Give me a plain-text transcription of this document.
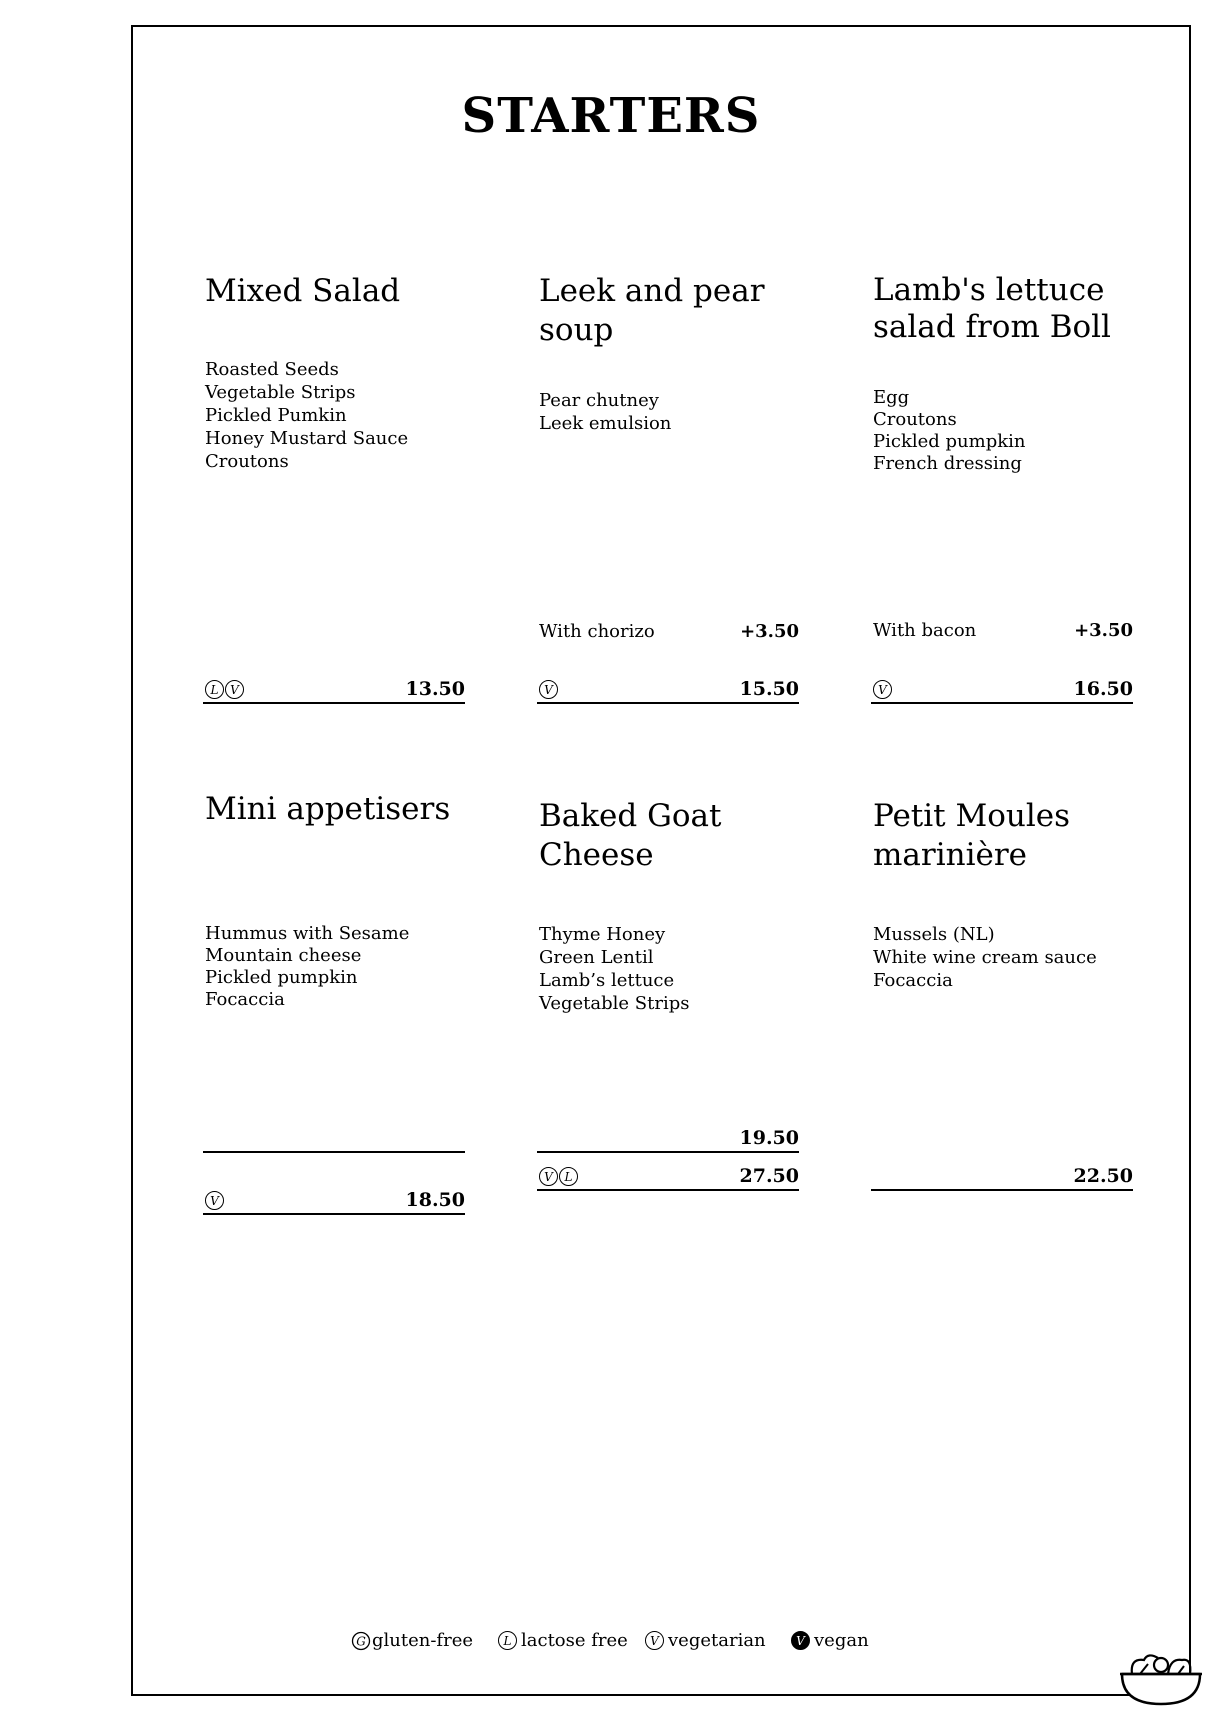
STARTERS
Mixed Salad
Roasted Seeds
Vegetable Strips
Pickled Pumkin
Honey Mustard Sauce
Croutons
L V	13.50
Leek and pear soup
Pear chutney
Leek emulsion
With chorizo	+3.50
V	15.50
Lamb's lettuce salad from Boll
Egg
Croutons
Pickled pumpkin
French dressing
With bacon	+3.50
V	16.50
Mini appetisers
Hummus with Sesame
Mountain cheese
Pickled pumpkin
Focaccia
V	18.50
Baked Goat Cheese
Thyme Honey
Green Lentil
Lamb’s lettuce
Vegetable Strips
19.50
V L	27.50
Petit Moules marinière
Mussels (NL)
White wine cream sauce
Focaccia
22.50
G gluten-free	L lactose free	V vegetarian	V vegan
